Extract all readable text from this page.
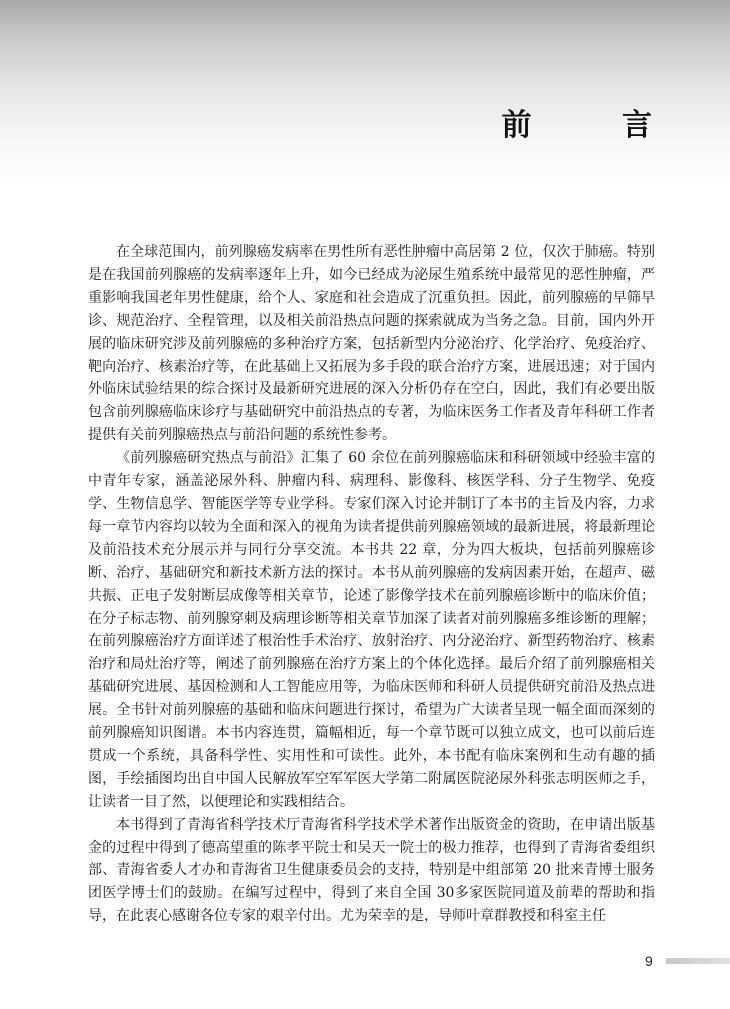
前 言

在全球范围内，前列腺癌发病率在男性所有恶性肿瘤中高居第 2 位，仅次于肺癌。特别是在我国前列腺癌的发病率逐年上升，如今已经成为泌尿生殖系统中最常见的恶性肿瘤，严重影响我国老年男性健康，给个人、家庭和社会造成了沉重负担。因此，前列腺癌的早筛早诊、规范治疗、全程管理，以及相关前沿热点问题的探索就成为当务之急。目前，国内外开展的临床研究涉及前列腺癌的多种治疗方案，包括新型内分泌治疗、化学治疗、免疫治疗、靶向治疗、核素治疗等，在此基础上又拓展为多手段的联合治疗方案，进展迅速；对于国内外临床试验结果的综合探讨及最新研究进展的深入分析仍存在空白，因此，我们有必要出版包含前列腺癌临床诊疗与基础研究中前沿热点的专著，为临床医务工作者及青年科研工作者提供有关前列腺癌热点与前沿问题的系统性参考。

《前列腺癌研究热点与前沿》汇集了 60 余位在前列腺癌临床和科研领域中经验丰富的中青年专家，涵盖泌尿外科、肿瘤内科、病理科、影像科、核医学科、分子生物学、免疫学、生物信息学、智能医学等专业学科。专家们深入讨论并制订了本书的主旨及内容，力求每一章节内容均以较为全面和深入的视角为读者提供前列腺癌领域的最新进展，将最新理论及前沿技术充分展示并与同行分享交流。本书共 22 章，分为四大板块，包括前列腺癌诊断、治疗、基础研究和新技术新方法的探讨。本书从前列腺癌的发病因素开始，在超声、磁共振、正电子发射断层成像等相关章节，论述了影像学技术在前列腺癌诊断中的临床价值；在分子标志物、前列腺穿刺及病理诊断等相关章节加深了读者对前列腺癌多维诊断的理解；在前列腺癌治疗方面详述了根治性手术治疗、放射治疗、内分泌治疗、新型药物治疗、核素治疗和局灶治疗等，阐述了前列腺癌在治疗方案上的个体化选择。最后介绍了前列腺癌相关基础研究进展、基因检测和人工智能应用等，为临床医师和科研人员提供研究前沿及热点进展。全书针对前列腺癌的基础和临床问题进行探讨，希望为广大读者呈现一幅全面而深刻的前列腺癌知识图谱。本书内容连贯，篇幅相近，每一个章节既可以独立成文，也可以前后连贯成一个系统，具备科学性、实用性和可读性。此外，本书配有临床案例和生动有趣的插图，手绘插图均出自中国人民解放军空军军医大学第二附属医院泌尿外科张志明医师之手，让读者一目了然，以便理论和实践相结合。

本书得到了青海省科学技术厅青海省科学技术学术著作出版资金的资助，在申请出版基金的过程中得到了德高望重的陈孝平院士和吴天一院士的极力推荐，也得到了青海省委组织部、青海省委人才办和青海省卫生健康委员会的支持，特别是中组部第 20 批来青博士服务团医学博士们的鼓励。在编写过程中，得到了来自全国 30多家医院同道及前辈的帮助和指导，在此衷心感谢各位专家的艰辛付出。尤为荣幸的是，导师叶章群教授和科室主任

9
